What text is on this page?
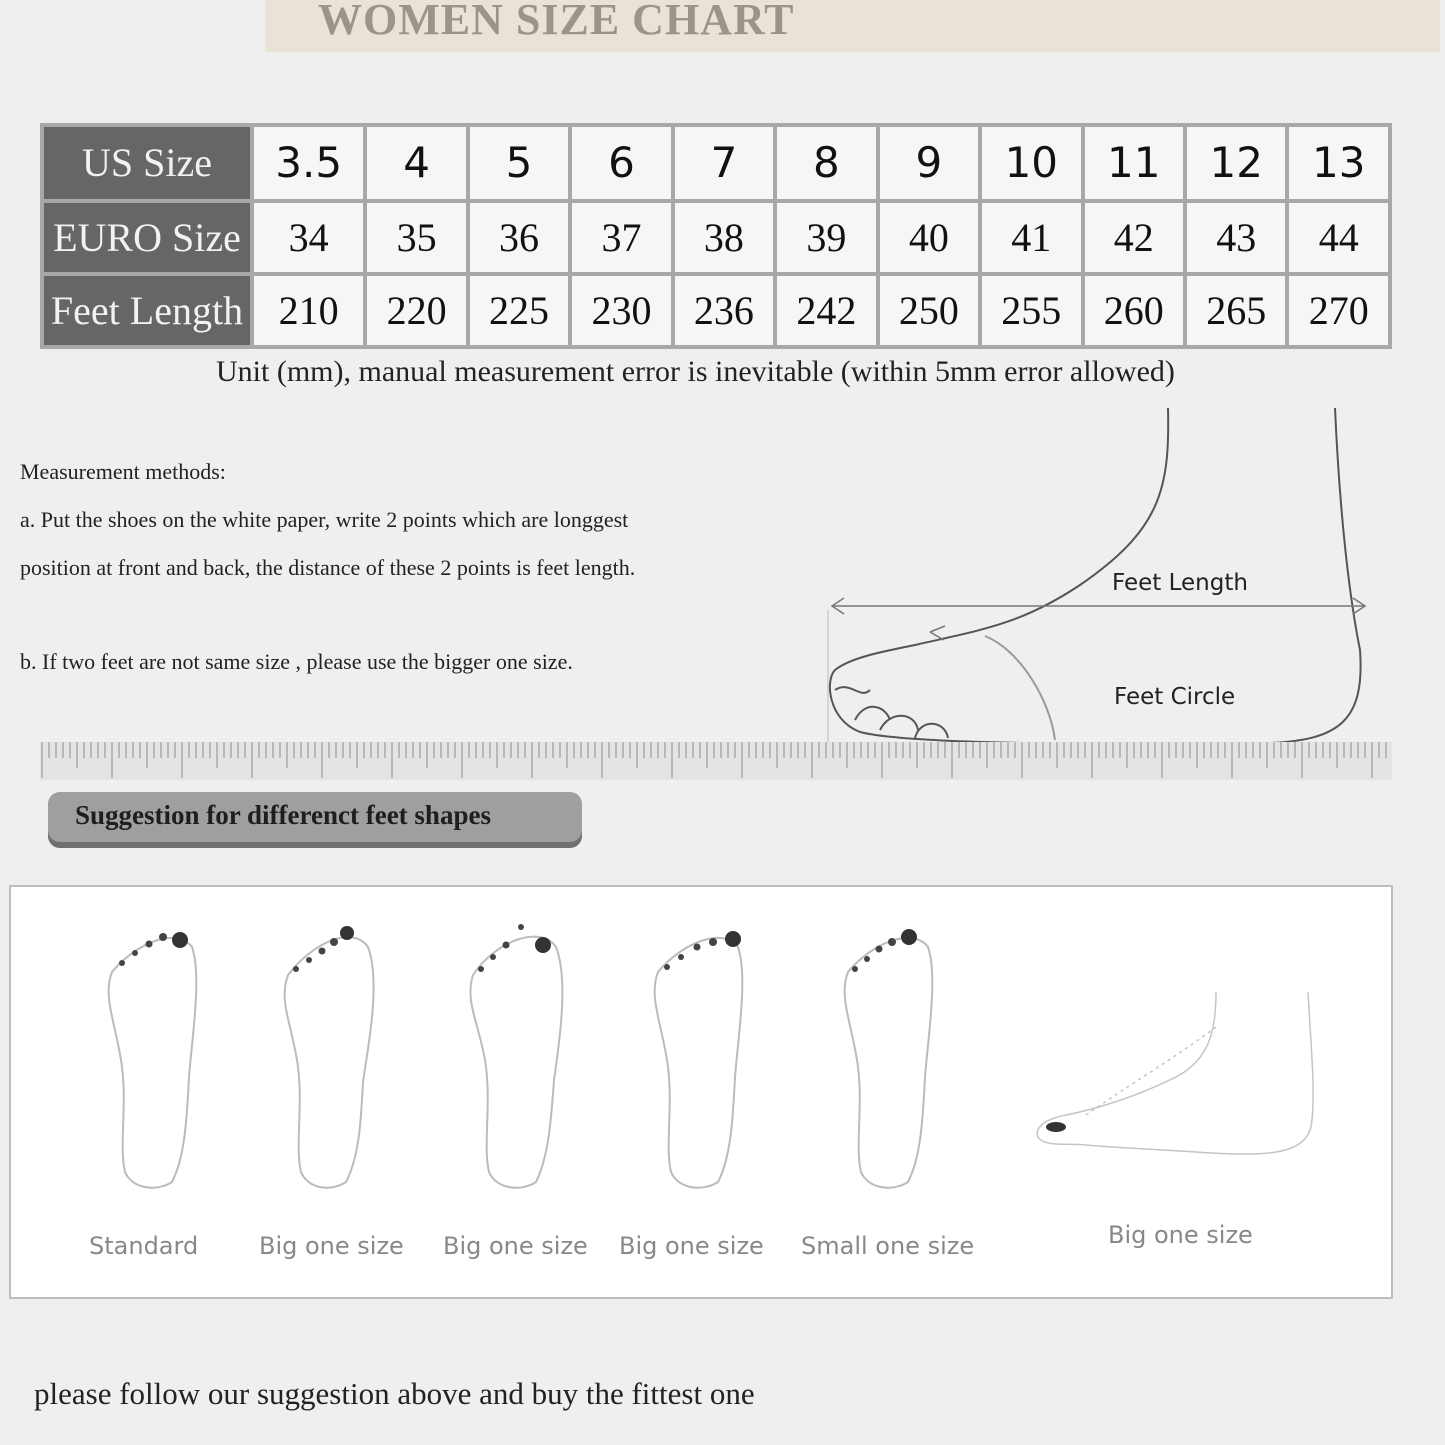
WOMEN SIZE CHART
US Size	3.5	4	5	6	7	8	9	10	11	12	13
EURO Size	34	35	36	37	38	39	40	41	42	43	44
Feet Length	210	220	225	230	236	242	250	255	260	265	270
Unit (mm), manual measurement error is inevitable (within 5mm error allowed)

Measurement methods:

a. Put the shoes on the white paper, write 2 points which are longgest

position at front and back, the distance of these 2 points is feet length.

b. If two feet are not same size , please use the bigger one size.

Feet Length
Feet Circle
Suggestion for differenct feet shapes
Standard	Big one size Big one size Big one size Small one size	Big one size
please follow our suggestion above and buy the fittest one
